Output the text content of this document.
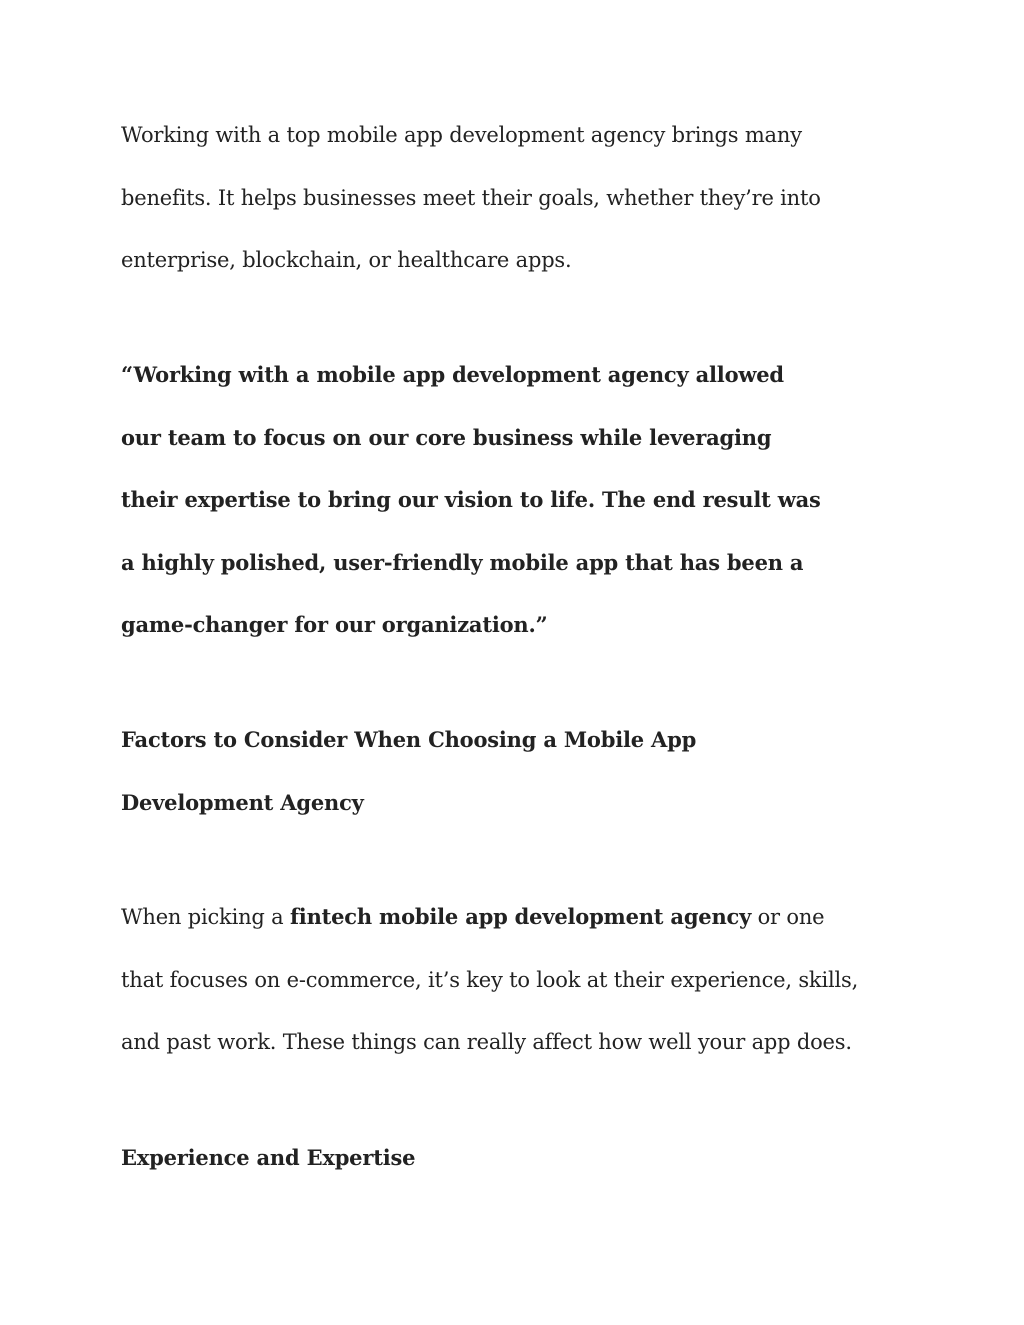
Working with a top mobile app development agency brings many
benefits. It helps businesses meet their goals, whether they’re into
enterprise, blockchain, or healthcare apps.

“Working with a mobile app development agency allowed
our team to focus on our core business while leveraging
their expertise to bring our vision to life. The end result was
a highly polished, user-friendly mobile app that has been a
game-changer for our organization.”

Factors to Consider When Choosing a Mobile App
Development Agency

When picking a fintech mobile app development agency or one
that focuses on e-commerce, it’s key to look at their experience, skills,
and past work. These things can really affect how well your app does.

Experience and Expertise
